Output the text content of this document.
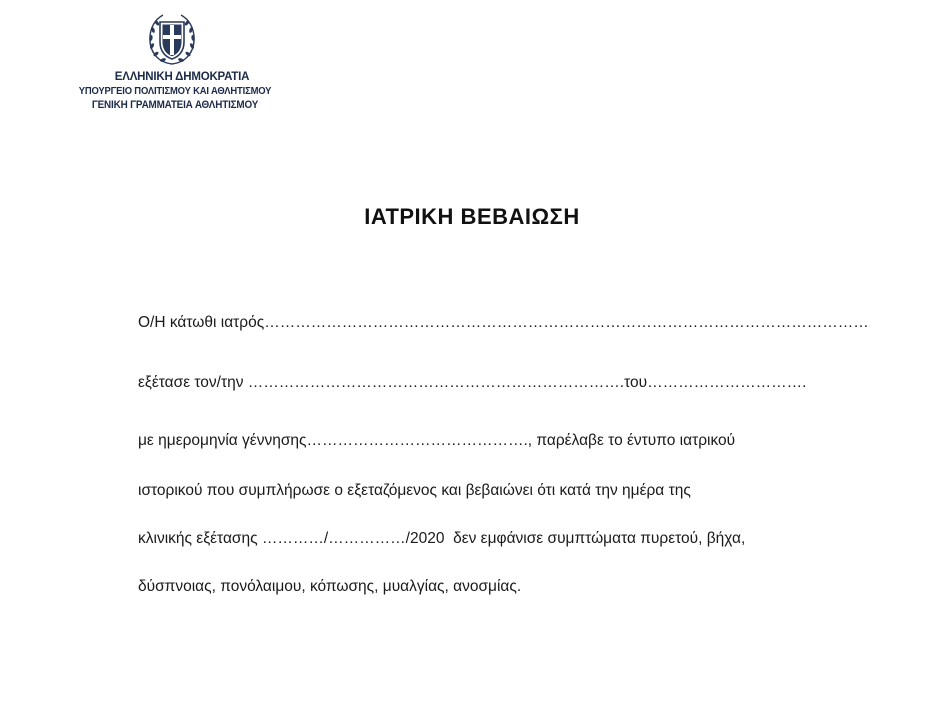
ΕΛΛΗΝΙΚΗ ΔΗΜΟΚΡΑΤΙΑ
ΥΠΟΥΡΓΕΙΟ ΠΟΛΙΤΙΣΜΟΥ ΚΑΙ ΑΘΛΗΤΙΣΜΟΥ
ΓΕΝΙΚΗ ΓΡΑΜΜΑΤΕΙΑ ΑΘΛΗΤΙΣΜΟΥ
ΙΑΤΡΙΚΗ ΒΕΒΑΙΩΣΗ
Ο/Η κάτωθι ιατρός………………………………………………………………………………………………………
εξέτασε τον/την ……………………………………………………………….του………………………….
με ημερομηνία γέννησης……………………………………., παρέλαβε το έντυπο ιατρικού
ιστορικού που συμπλήρωσε ο εξεταζόμενος και βεβαιώνει ότι κατά την ημέρα της
κλινικής εξέτασης …………/……………/2020  δεν εμφάνισε συμπτώματα πυρετού, βήχα,
δύσπνοιας, πονόλαιμου, κόπωσης, μυαλγίας, ανοσμίας.
